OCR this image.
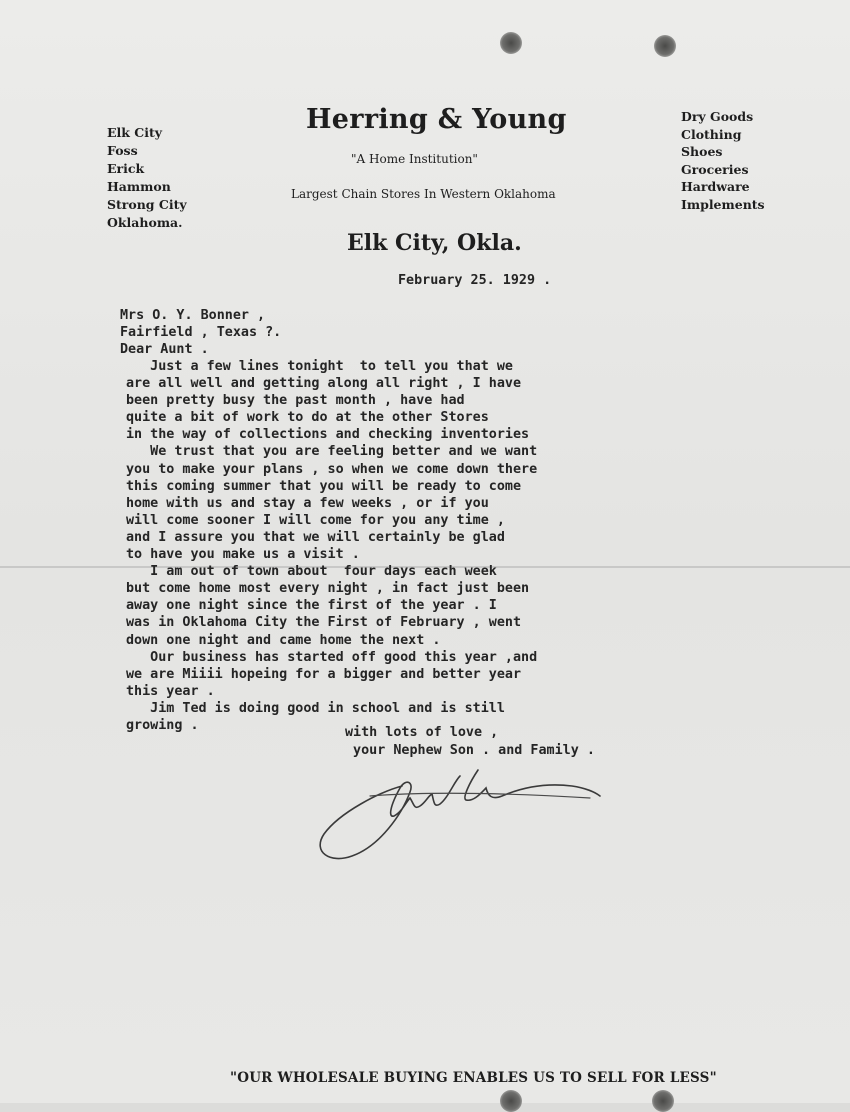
Elk City
Foss
Erick
Hammon
Strong City
Oklahoma.
Herring & Young
"A Home Institution"
Largest Chain Stores In Western Oklahoma
Elk City, Okla.
Dry Goods
Clothing
Shoes
Groceries
Hardware
Implements
February 25. 1929 .
Mrs O. Y. Bonner ,
Fairfield , Texas ?.
Dear Aunt .
Just a few lines tonight  to tell you that we
are all well and getting along all right , I have
been pretty busy the past month , have had
quite a bit of work to do at the other Stores
in the way of collections and checking inventories
We trust that you are feeling better and we want
you to make your plans , so when we come down there
this coming summer that you will be ready to come
home with us and stay a few weeks , or if you
will come sooner I will come for you any time ,
and I assure you that we will certainly be glad
to have you make us a visit .
I am out of town about  four days each week
but come home most every night , in fact just been
away one night since the first of the year . I
was in Oklahoma City the First of February , went
down one night and came home the next .
Our business has started off good this year ,and
we are Miiii hopeing for a bigger and better year
this year .
Jim Ted is doing good in school and is still
growing .	with lots of love ,
your Nephew Son . and Family .
"OUR WHOLESALE BUYING ENABLES US TO SELL FOR LESS"
